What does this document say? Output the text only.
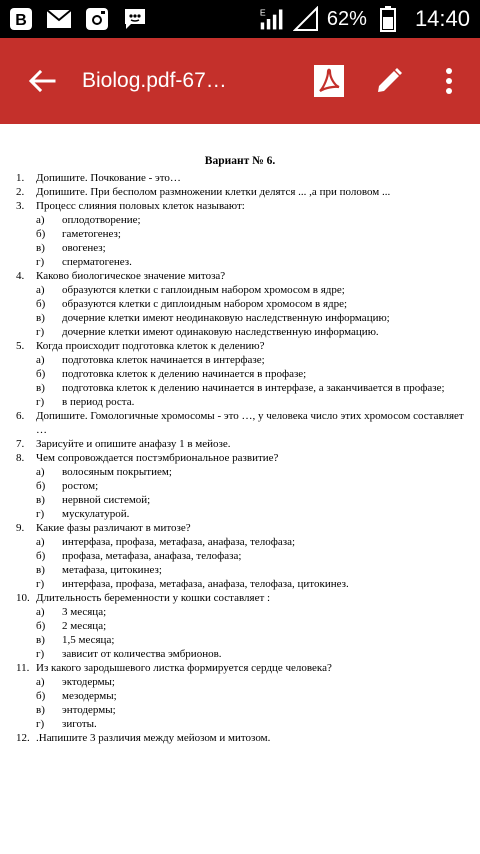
B	E	62% 14:40
Biolog.pdf-67…
Вариант № 6.
1.	Допишите. Почкование - это…
2.	Допишите. При бесполом размножении клетки делятся ... ,а при половом ...
3.	Процесс слияния половых клеток называют:
а)	оплодотворение;
б)	гаметогенез;
в)	овогенез;
г)	сперматогенез.
4.	Каково биологическое значение митоза?
а)	образуются клетки с гаплоидным набором хромосом в ядре;
б)	образуются клетки с диплоидным набором хромосом в ядре;
в)	дочерние клетки имеют неодинаковую наследственную информацию;
г)	дочерние клетки имеют одинаковую наследственную информацию.
5.	Когда происходит подготовка клеток к делению?
а)	подготовка клеток начинается в интерфазе;
б)	подготовка клеток к делению начинается в профазе;
в)	подготовка клеток к делению начинается в интерфазе, а заканчивается в профазе;
г)	в период роста.
6.	Допишите. Гомологичные хромосомы - это …, у человека число этих хромосом составляет …
7.	Зарисуйте и опишите анафазу 1 в мейозе.
8.	Чем сопровождается постэмбриональное развитие?
а)	волосяным покрытием;
б)	ростом;
в)	нервной системой;
г)	мускулатурой.
9.	Какие фазы различают в митозе?
а)	интерфаза, профаза, метафаза, анафаза, телофаза;
б)	профаза, метафаза, анафаза, телофаза;
в)	метафаза, цитокинез;
г)	интерфаза, профаза, метафаза, анафаза, телофаза, цитокинез.
10. Длительность беременности у кошки составляет :
а)	3 месяца;
б)	2 месяца;
в)	1,5 месяца;
г)	зависит от количества эмбрионов.
11. Из какого зародышевого листка формируется сердце человека?
а)	эктодермы;
б)	мезодермы;
в)	энтодермы;
г)	зиготы.
12. .Напишите 3 различия между мейозом и митозом.
